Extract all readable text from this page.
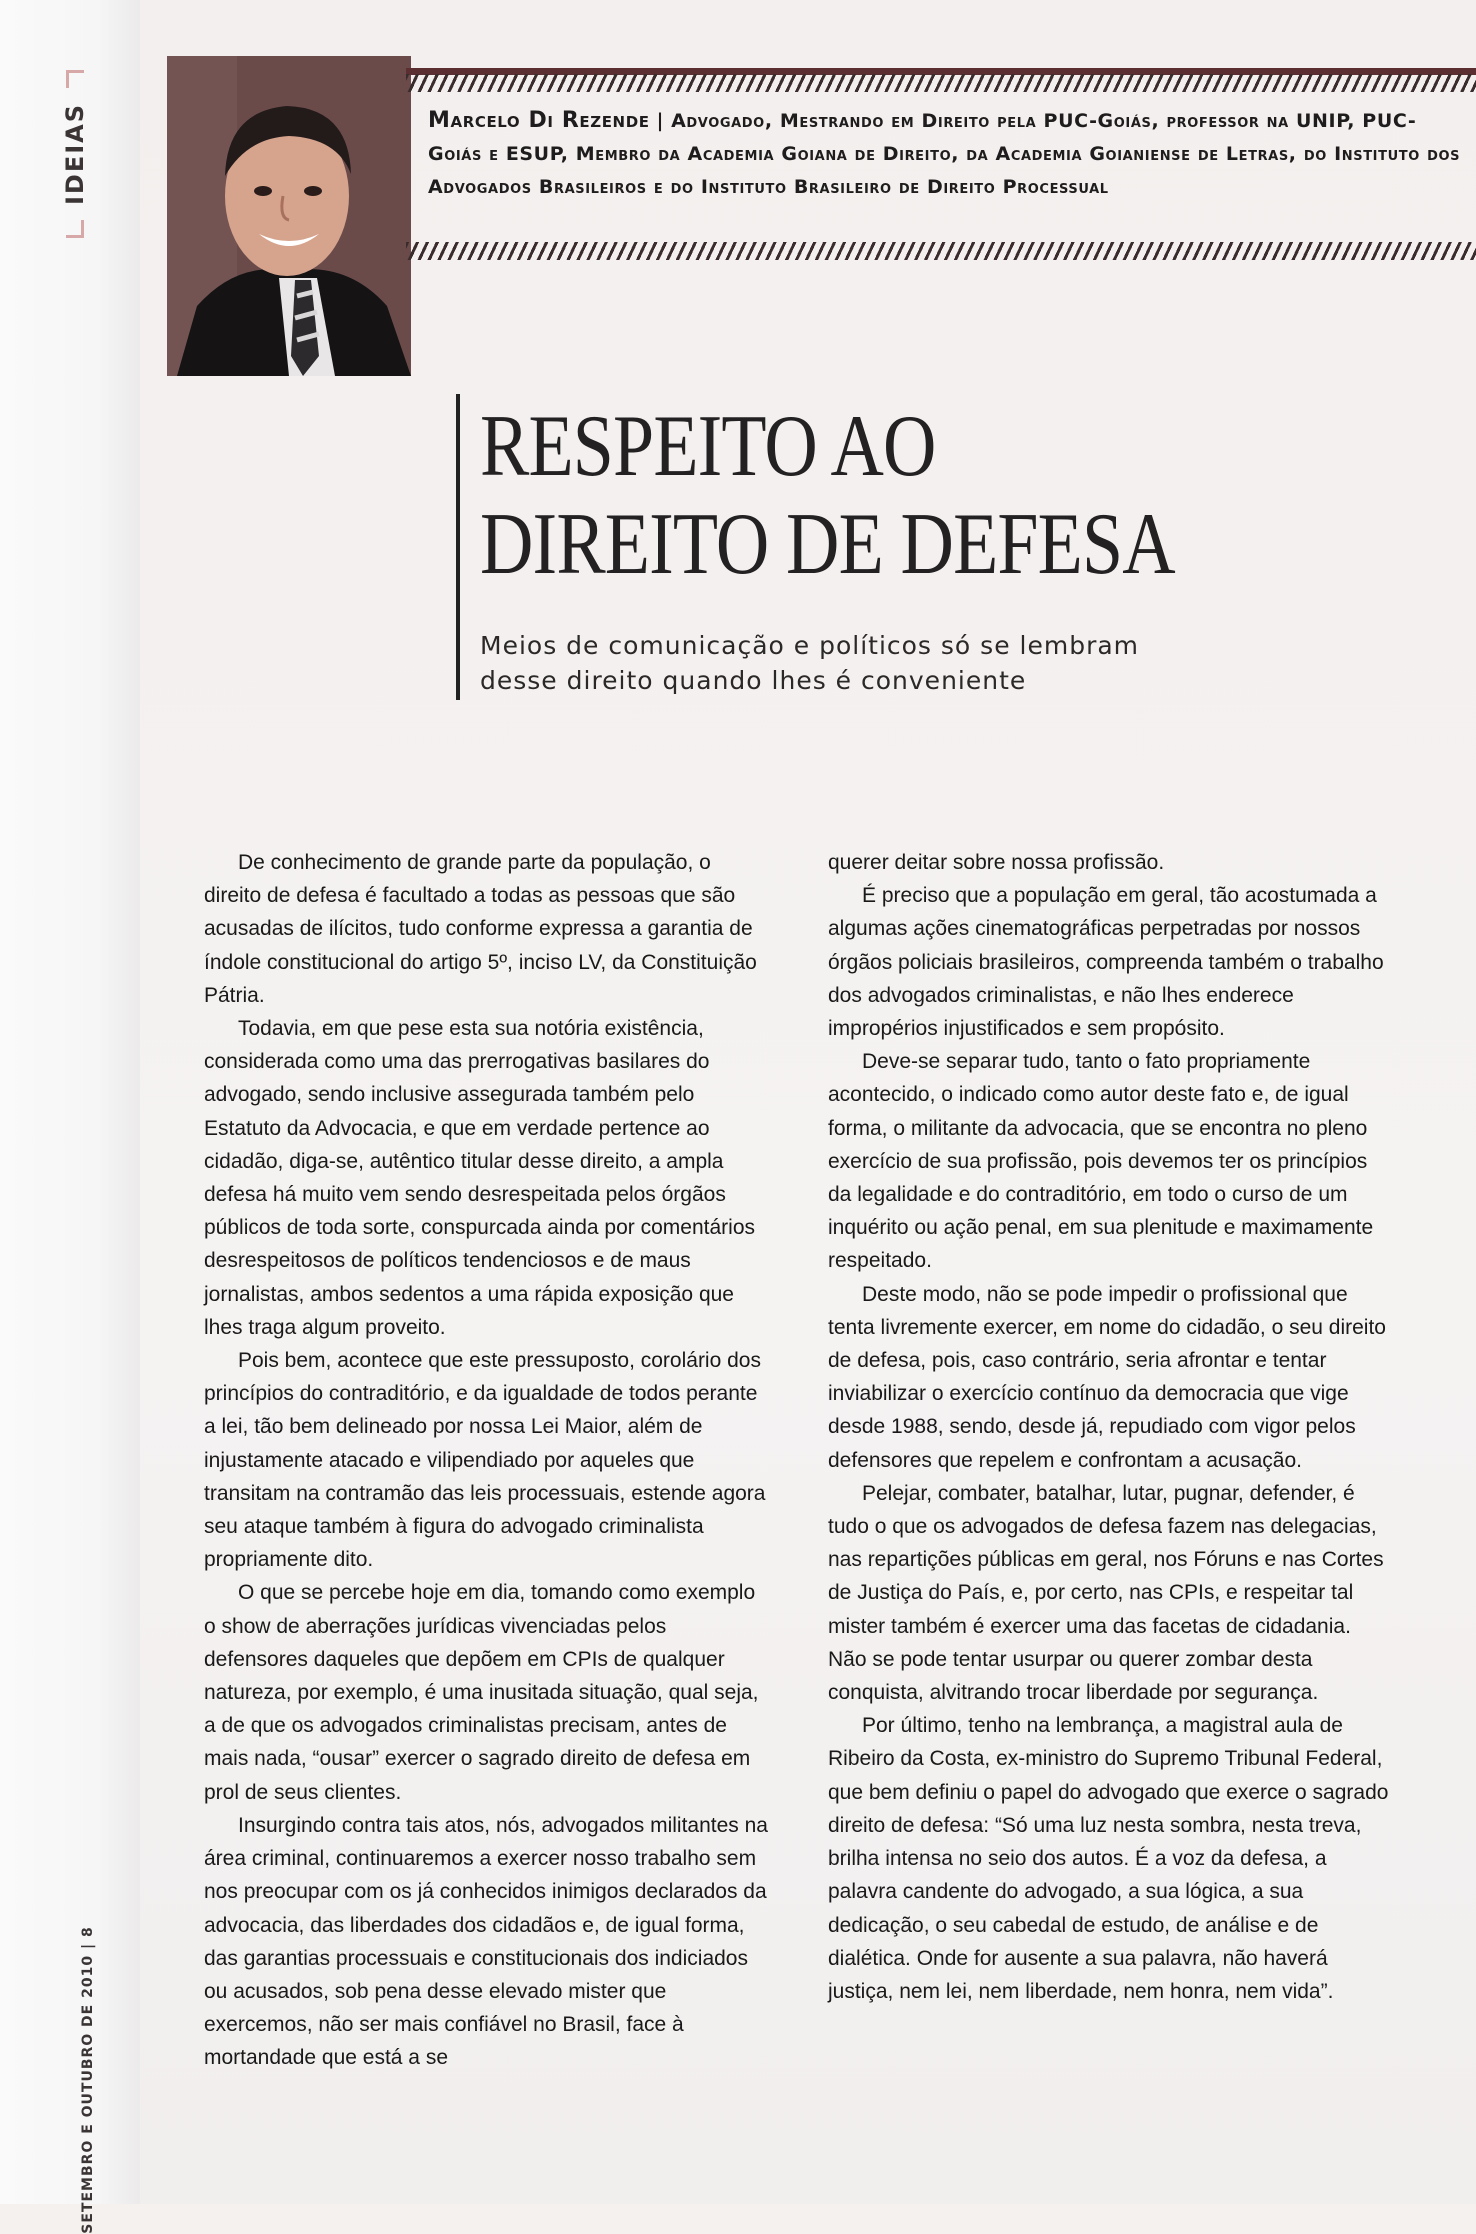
IDEIAS
SETEMBRO E OUTUBRO DE 2010 | 8
Marcelo Di Rezende | Advogado, Mestrando em Direito pela PUC-Goiás, professor na UNIP, PUC-Goiás e ESUP, Membro da Academia Goiana de Direito, da Academia Goianiense de Letras, do Instituto dos Advogados Brasileiros e do Instituto Brasileiro de Direito Processual
RESPEITO AO
DIREITO DE DEFESA

Meios de comunicação e políticos só se lembram desse direito quando lhes é conveniente

De conhecimento de grande parte da população, o direito de defesa é facultado a todas as pessoas que são acusadas de ilícitos, tudo conforme expressa a garantia de índole constitucional do artigo 5º, inciso LV, da Constituição Pátria.

Todavia, em que pese esta sua notória existência, considerada como uma das prerrogativas basilares do advogado, sendo inclusive assegurada também pelo Estatuto da Advocacia, e que em verdade pertence ao cidadão, diga-se, autêntico titular desse direito, a ampla defesa há muito vem sendo desrespeitada pelos órgãos públicos de toda sorte, conspurcada ainda por comentários desrespeitosos de políticos tendenciosos e de maus jornalistas, ambos sedentos a uma rápida exposição que lhes traga algum proveito.

Pois bem, acontece que este pressuposto, corolário dos princípios do contraditório, e da igualdade de todos perante a lei, tão bem delineado por nossa Lei Maior, além de injustamente atacado e vilipendiado por aqueles que transitam na contramão das leis processuais, estende agora seu ataque também à figura do advogado criminalista propriamente dito.

O que se percebe hoje em dia, tomando como exemplo o show de aberrações jurídicas vivenciadas pelos defensores daqueles que depõem em CPIs de qualquer natureza, por exemplo, é uma inusitada situação, qual seja, a de que os advogados criminalistas precisam, antes de mais nada, “ousar” exercer o sagrado direito de defesa em prol de seus clientes.

Insurgindo contra tais atos, nós, advogados militantes na área criminal, continuaremos a exercer nosso trabalho sem nos preocupar com os já conhecidos inimigos declarados da advocacia, das liberdades dos cidadãos e, de igual forma, das garantias processuais e constitucionais dos indiciados ou acusados, sob pena desse elevado mister que exercemos, não ser mais confiável no Brasil, face à mortandade que está a se

querer deitar sobre nossa profissão.

É preciso que a população em geral, tão acostumada a algumas ações cinematográficas perpetradas por nossos órgãos policiais brasileiros, compreenda também o trabalho dos advogados criminalistas, e não lhes enderece impropérios injustificados e sem propósito.

Deve-se separar tudo, tanto o fato propriamente acontecido, o indicado como autor deste fato e, de igual forma, o militante da advocacia, que se encontra no pleno exercício de sua profissão, pois devemos ter os princípios da legalidade e do contraditório, em todo o curso de um inquérito ou ação penal, em sua plenitude e maximamente respeitado.

Deste modo, não se pode impedir o profissional que tenta livremente exercer, em nome do cidadão, o seu direito de defesa, pois, caso contrário, seria afrontar e tentar inviabilizar o exercício contínuo da democracia que vige desde 1988, sendo, desde já, repudiado com vigor pelos defensores que repelem e confrontam a acusação.

Pelejar, combater, batalhar, lutar, pugnar, defender, é tudo o que os advogados de defesa fazem nas delegacias, nas repartições públicas em geral, nos Fóruns e nas Cortes de Justiça do País, e, por certo, nas CPIs, e respeitar tal mister também é exercer uma das facetas de cidadania. Não se pode tentar usurpar ou querer zombar desta conquista, alvitrando trocar liberdade por segurança.

Por último, tenho na lembrança, a magistral aula de Ribeiro da Costa, ex-ministro do Supremo Tribunal Federal, que bem definiu o papel do advogado que exerce o sagrado direito de defesa: “Só uma luz nesta sombra, nesta treva, brilha intensa no seio dos autos. É a voz da defesa, a palavra candente do advogado, a sua lógica, a sua dedicação, o seu cabedal de estudo, de análise e de dialética. Onde for ausente a sua palavra, não haverá justiça, nem lei, nem liberdade, nem honra, nem vida”.
